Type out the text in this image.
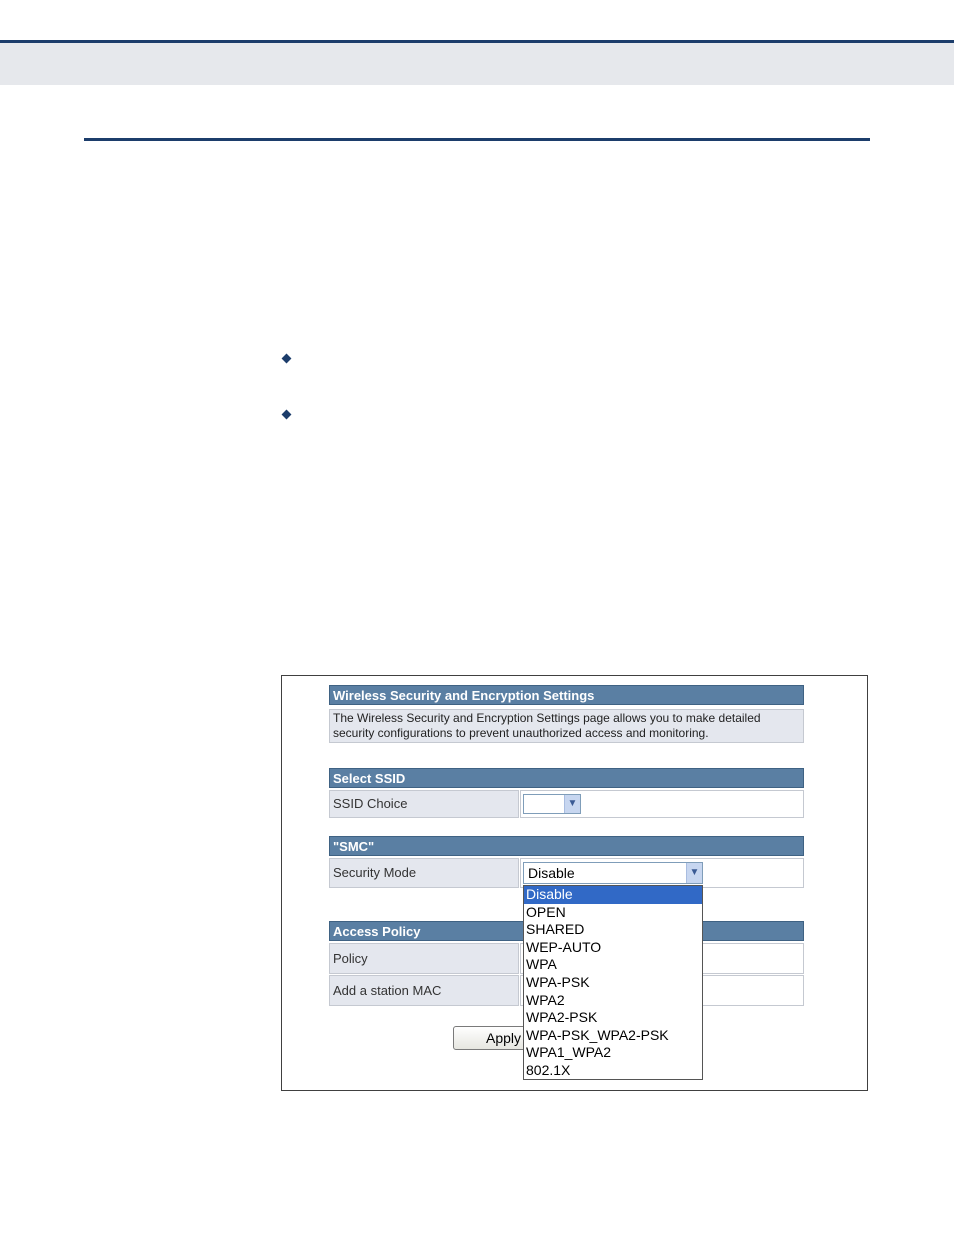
Wireless Security and Encryption Settings
The Wireless Security and Encryption Settings page allows you to make detailed security configurations to prevent unauthorized access and monitoring.
Select SSID
SSID Choice	▼
"SMC"
Security Mode
Access Policy
Policy
Add a station MAC
Apply
Disable	▼
Disable
OPEN
SHARED
WEP-AUTO
WPA
WPA-PSK
WPA2
WPA2-PSK
WPA-PSK_WPA2-PSK
WPA1_WPA2
802.1X
